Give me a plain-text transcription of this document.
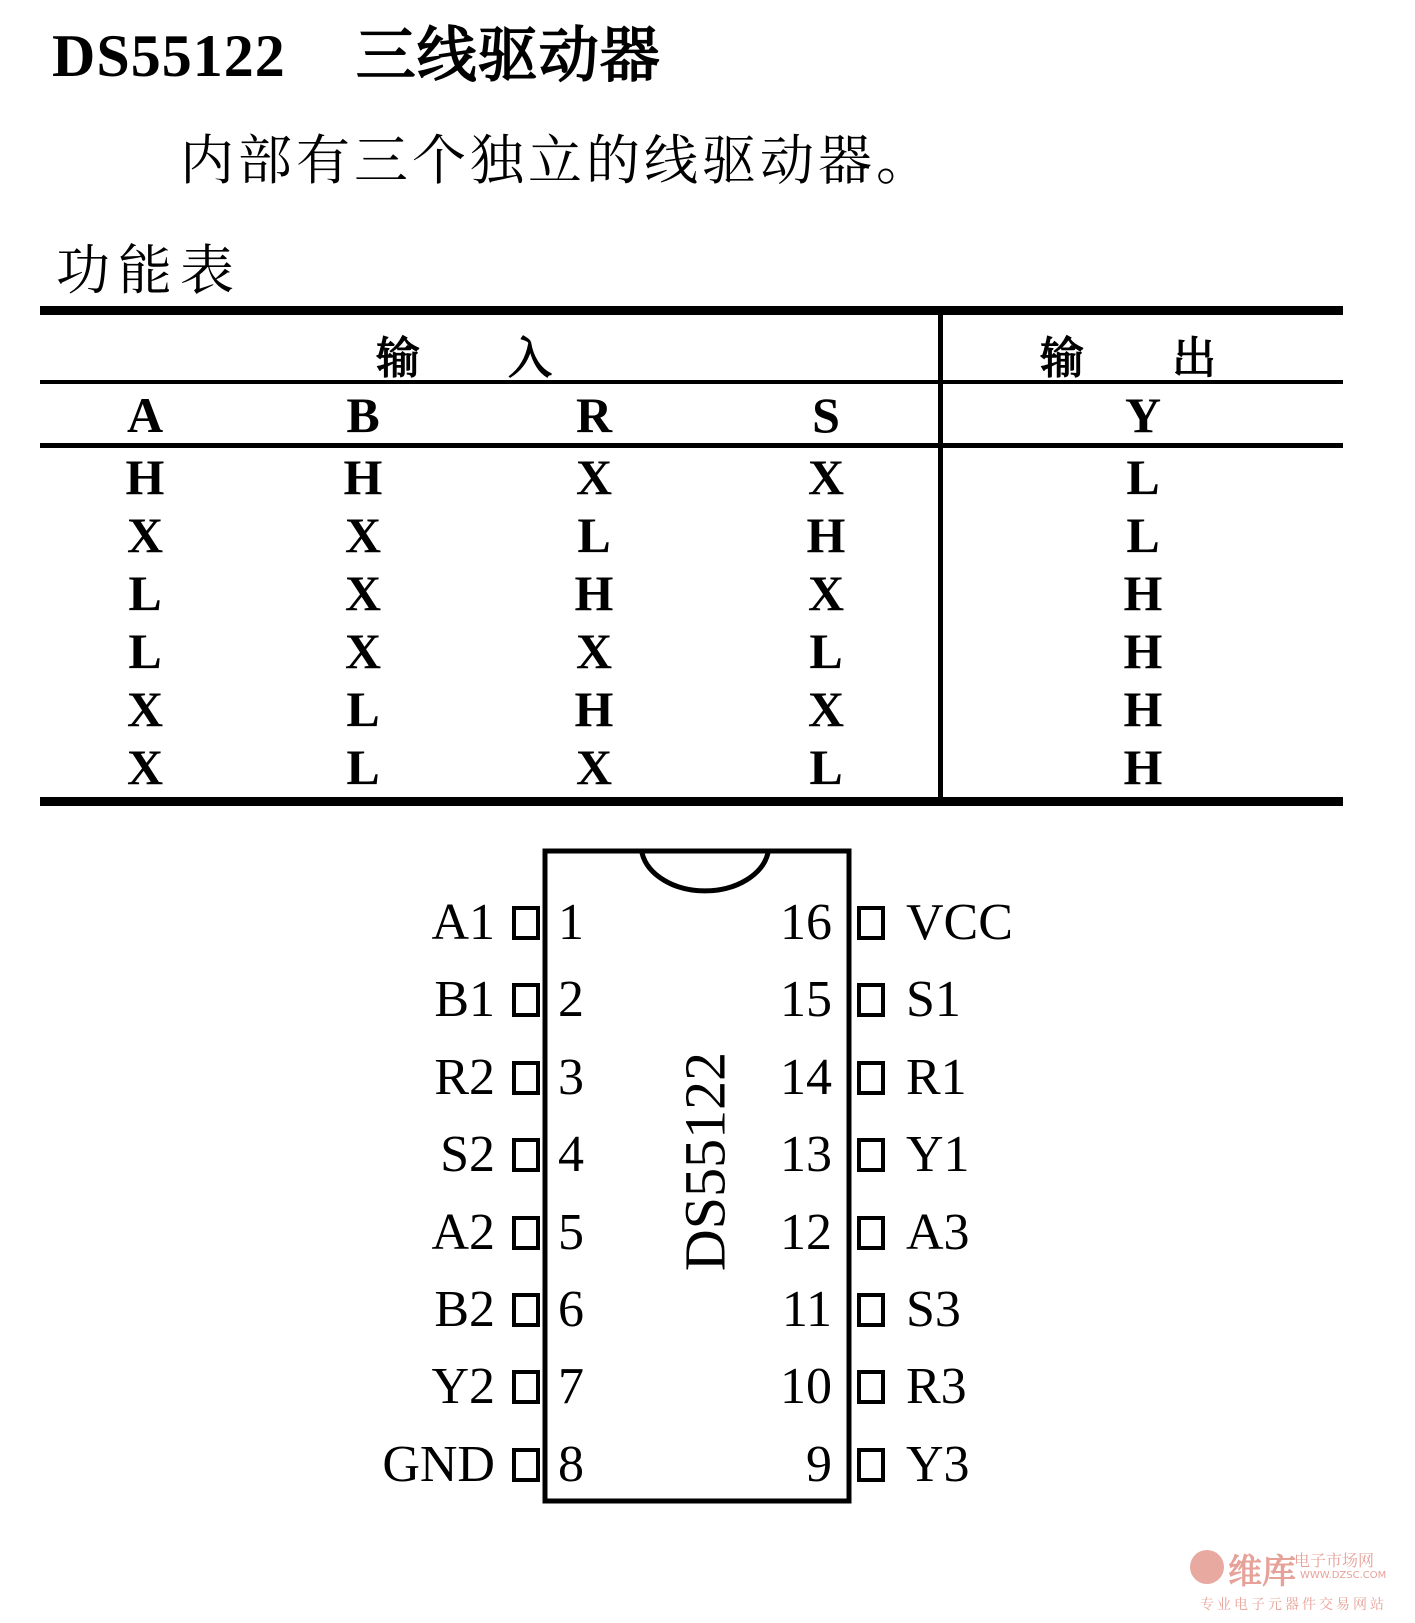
DS55122 三线驱动器
内部有三个独立的线驱动器。
功能表
输　　入	输　　出
A	B	R	S	Y
H	H	X	X	L
X	X	L	H	L
L	X	H	X	H
L	X	X	L	H
X	L	H	X	H
X	L	X	L	H
DS55122
A1 1
B1 2
R2 3
S2 4
A2 5
B2 6
Y2 7
GND 8
16 VCC
15 S1
14 R1
13 Y1
12 A3
11 S3
10 R3
9 Y3
维库
电子市场网
WWW.DZSC.COM
专业电子元器件交易网站
